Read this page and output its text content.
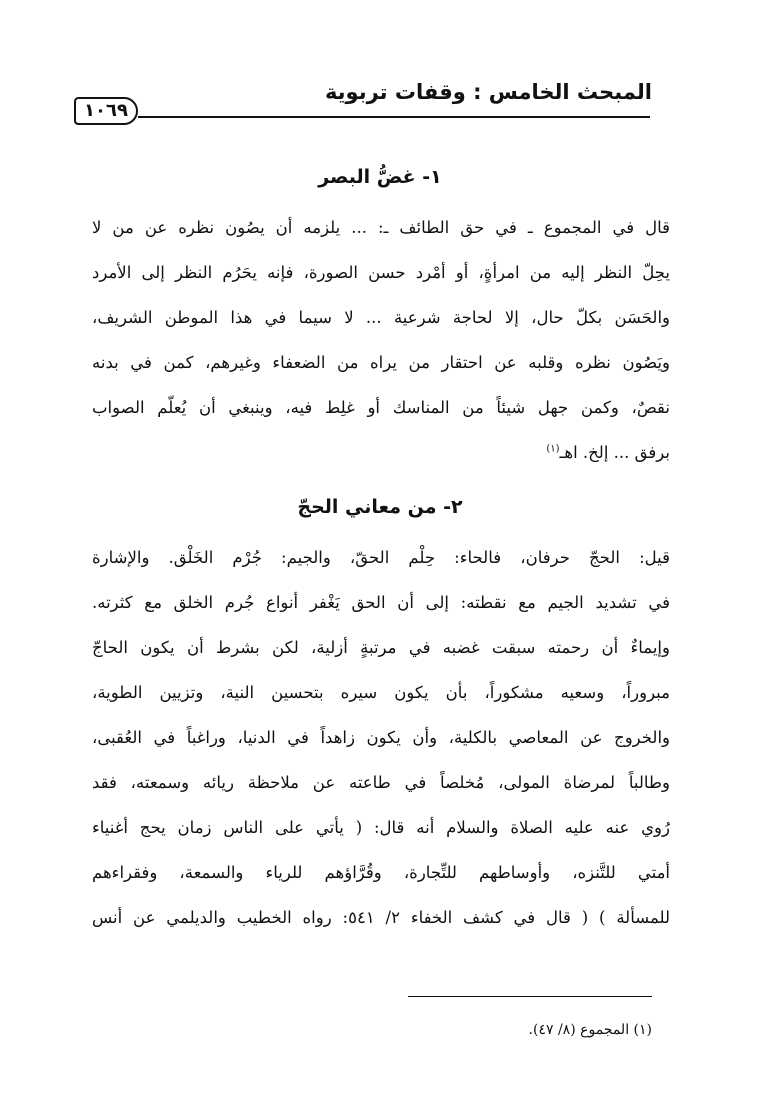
المبحث الخامس : وقفات تربوية
١٠٦٩
١- غضُّ البصر
قال في المجموع ـ في حق الطائف ـ: ... يلزمه أن يصُون نظره عن من لا
يحِلّ النظر إليه من امرأةٍ، أو أمْرد حسن الصورة، فإنه يحَرُم النظر إلى الأمرد
والحَسَن بكلّ حال، إلا لحاجة شرعية ... لا سيما في هذا الموطن الشريف،
ويَصُون نظره وقلبه عن احتقار من يراه من الضعفاء وغيرهم، كمن في بدنه
نقصٌ، وكمن جهل شيئاً من المناسك أو غلِط فيه، وينبغي أن يُعلّم الصواب
برفق ... إلخ. اهـ$^{(١)}$
٢- من معاني الحجّ
قيل: الحجّ حرفان، فالحاء: حِلْم الحقّ، والجيم: جُرْم الخَلْق. والإشارة
في تشديد الجيم مع نقطته: إلى أن الحق يَغْفر أنواع جُرم الخلق مع كثرته.
وإيماءٌ أن رحمته سبقت غضبه في مرتبةٍ أزلية، لكن بشرط أن يكون الحاجّ
مبروراً، وسعيه مشكوراً، بأن يكون سيره بتحسين النية، وتزيين الطوية،
والخروج عن المعاصي بالكلية، وأن يكون زاهداً في الدنيا، وراغباً في العُقبى،
وطالباً لمرضاة المولى، مُخلصاً في طاعته عن ملاحظة ريائه وسمعته، فقد
رُوي عنه عليه الصلاة والسلام أنه قال: ( يأتي على الناس زمان يحج أغنياء
أمتي للتَّنزه، وأوساطهم للتِّجارة، وقُرَّاؤهم للرياء والسمعة، وفقراءهم
للمسألة ) ( قال في كشف الخفاء ٢/ ٥٤١: رواه الخطيب والديلمي عن أنس
(١) المجموع (٨/ ٤٧).
